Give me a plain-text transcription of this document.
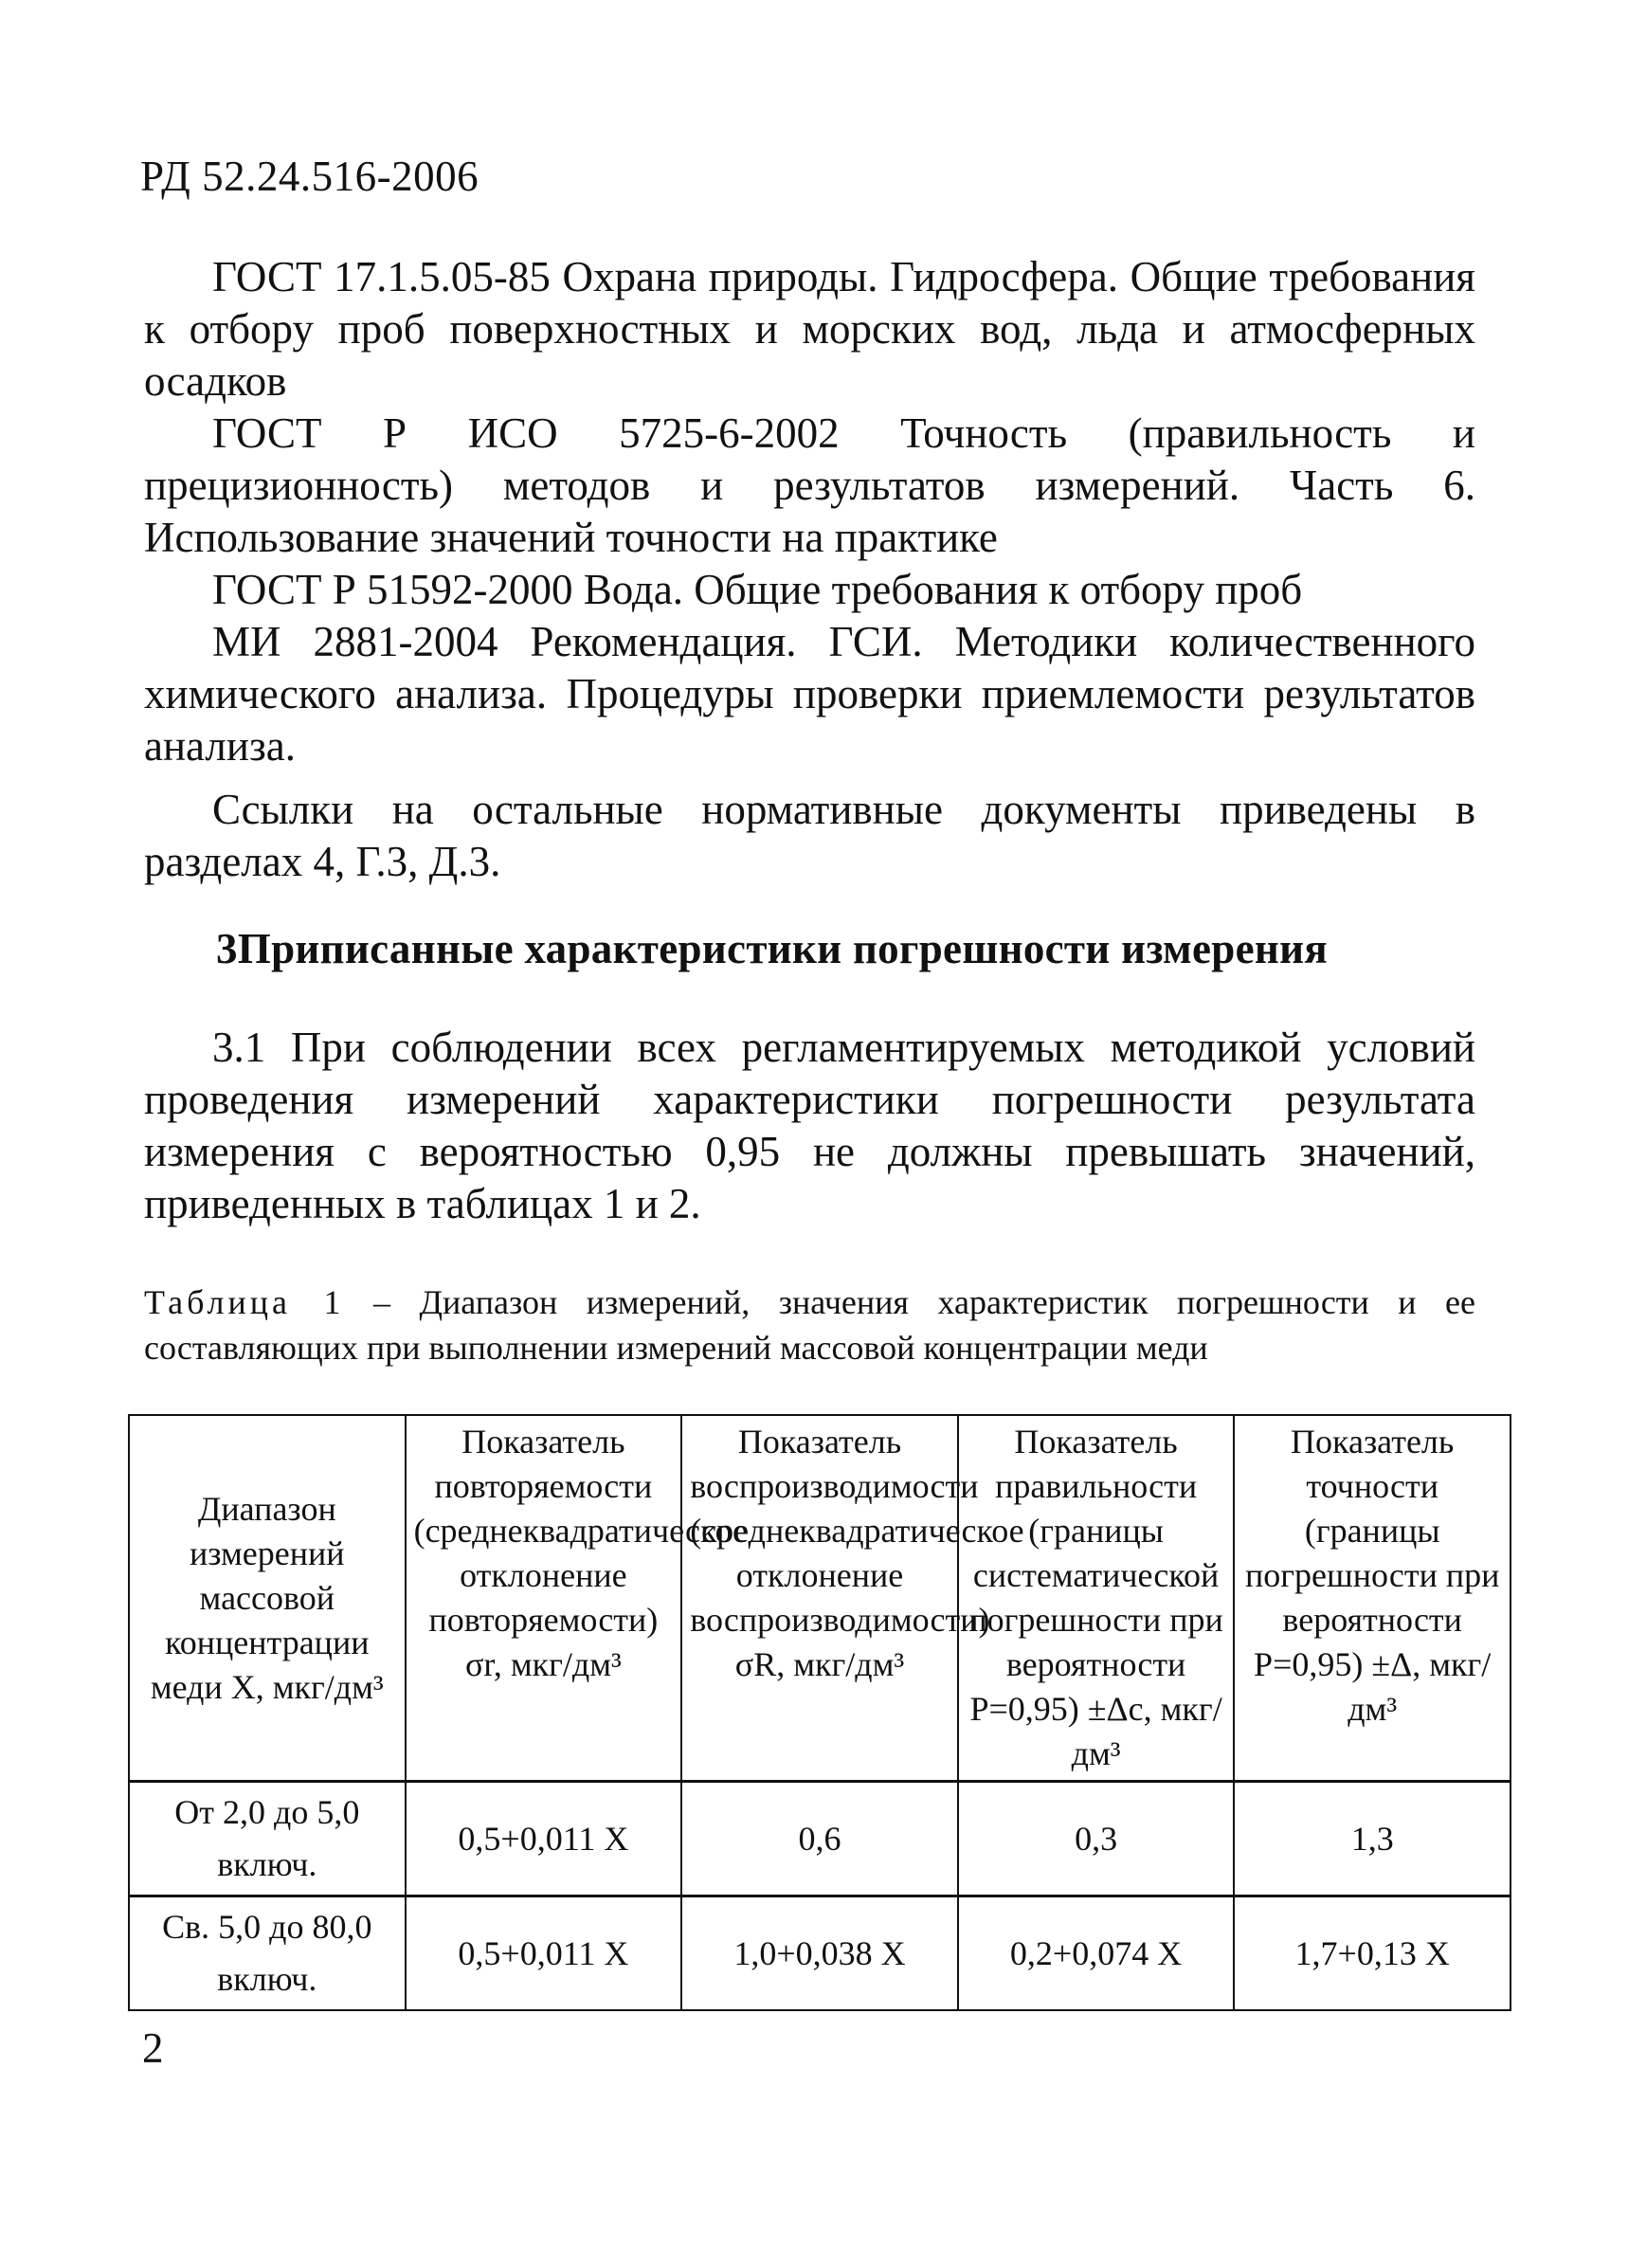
РД 52.24.516-2006

ГОСТ 17.1.5.05-85 Охрана природы. Гидросфера. Общие требования к отбору проб поверхностных и морских вод, льда и атмосферных осадков

ГОСТ Р ИСО 5725-6-2002 Точность (правильность и прецизионность) методов и результатов измерений. Часть 6. Использование значений точности на практике

ГОСТ Р 51592-2000 Вода. Общие требования к отбору проб

МИ 2881-2004 Рекомендация. ГСИ. Методики количественного химического анализа. Процедуры проверки приемлемости результатов анализа.

Ссылки на остальные нормативные документы приведены в разделах 4, Г.3, Д.3.

3Приписанные характеристики погрешности измерения

3.1 При соблюдении всех регламентируемых методикой условий проведения измерений характеристики погрешности результата измерения с вероятностью 0,95 не должны превышать значений, приведенных в таблицах 1 и 2.

Таблица 1 – Диапазон измерений, значения характеристик погрешности и ее составляющих при выполнении измерений массовой концентрации меди
Диапазон измерений массовой концентрации меди X, мкг/дм³	Показатель повторяемости (среднеквадратическое отклонение повторяемости) σr, мкг/дм³	Показатель воспроизводимости (среднеквадратическое отклонение воспроизводимости) σR, мкг/дм³	Показатель правильности (границы систематической погрешности при вероятности P=0,95) ±Δc, мкг/дм³	Показатель точности (границы погрешности при вероятности P=0,95) ±Δ, мкг/дм³
От 2,0 до 5,0 включ.	0,5+0,011 X	0,6	0,3	1,3
Св. 5,0 до 80,0 включ.	0,5+0,011 X	1,0+0,038 X	0,2+0,074 X	1,7+0,13 X
2
